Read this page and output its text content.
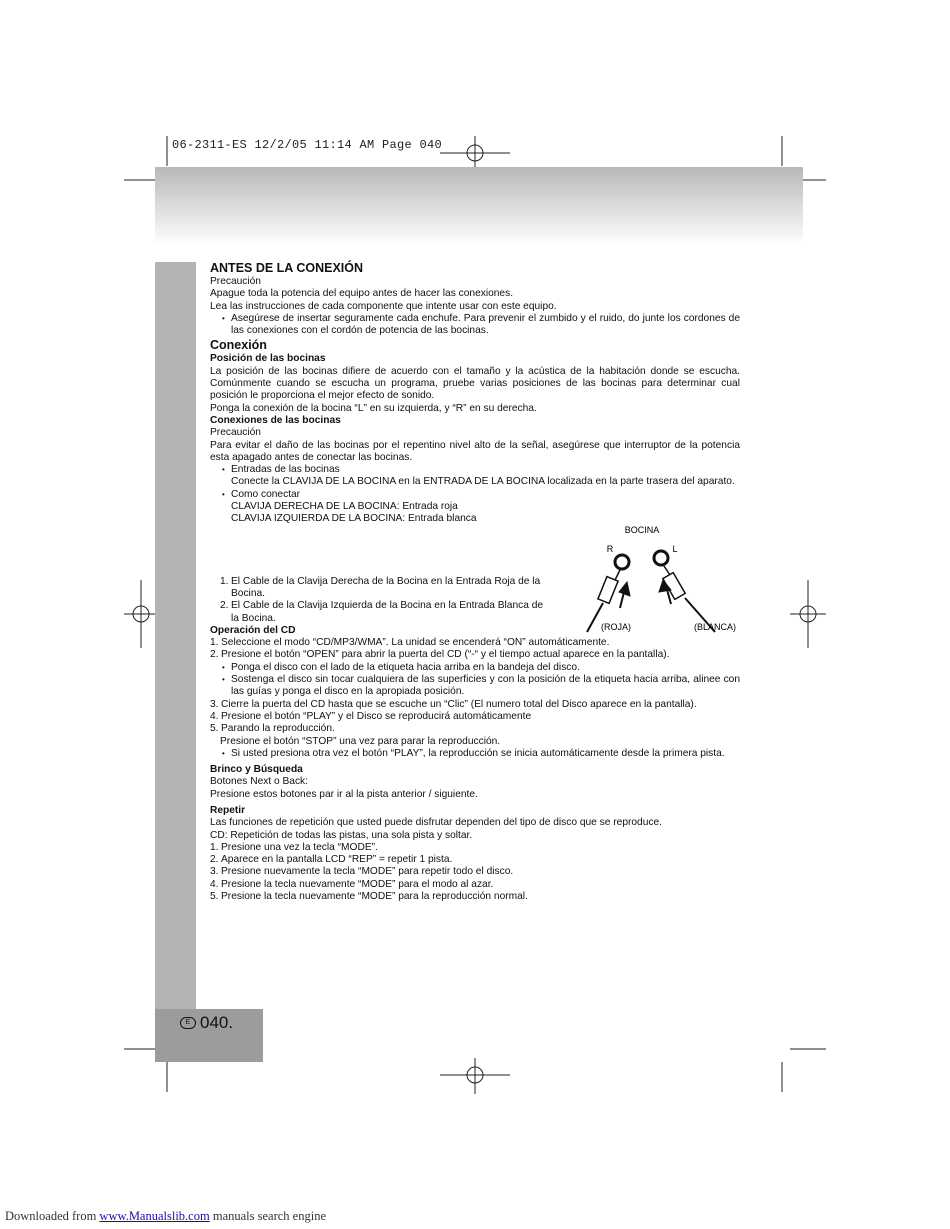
06-2311-ES 12/2/05 11:14 AM Page 040
E 040.

ANTES DE LA CONEXIÓN

Precaución

Apague toda la potencia del equipo antes de hacer las conexiones.

Lea las instrucciones de cada componente que intente usar con este equipo.

• Asegúrese de insertar seguramente cada enchufe. Para prevenir el zumbido y el ruido, do junte los cordones de las conexiones con el cordón de potencia de las bocinas.

Conexión

Posición de las bocinas

La posición de las bocinas difiere de acuerdo con el tamaño y la acústica de la habitación donde se escucha. Comúnmente cuando se escucha un programa, pruebe varias posiciones de las bocinas para determinar cual posición le proporciona el mejor efecto de sonido.

Ponga la conexión de la bocina “L” en su izquierda, y “R” en su derecha.

Conexiones de las bocinas

Precaución

Para evitar el daño de las bocinas por el repentino nivel alto de la señal, asegúrese que interruptor de la potencia esta apagado antes de conectar las bocinas.

• Entradas de las bocinas

Conecte la CLAVIJA DE LA BOCINA en la ENTRADA DE LA BOCINA localizada en la parte trasera del aparato.

• Como conectar

CLAVIJA DERECHA DE LA BOCINA: Entrada roja

CLAVIJA IZQUIERDA DE LA BOCINA: Entrada blanca

1. El Cable de la Clavija Derecha de la Bocina en la Entrada Roja de la Bocina.

2. El Cable de la Clavija Izquierda de la Bocina en la Entrada Blanca de la Bocina.

Operación del CD

1. Seleccione el modo “CD/MP3/WMA”. La unidad se encenderá “ON” automáticamente.

2. Presione el botón “OPEN” para abrir la puerta del CD (“-“ y el tiempo actual aparece en la pantalla).

• Ponga el disco con el lado de la etiqueta hacia arriba en la bandeja del disco.

• Sostenga el disco sin tocar cualquiera de las superficies y con la posición de la etiqueta hacia arriba, alinee con las guías y ponga el disco en la apropiada posición.

3. Cierre la puerta del CD hasta que se escuche un “Clic” (El numero total del Disco aparece en la pantalla).

4. Presione el botón “PLAY” y el Disco se reproducirá automáticamente

5. Parando la reproducción.

Presione el botón “STOP” una vez para parar la reproducción.

• Si usted presiona otra vez el botón “PLAY”, la reproducción se inicia automáticamente desde la primera pista.

Brinco y Búsqueda

Botones Next o Back:

Presione estos botones par ir al la pista anterior / siguiente.

Repetir

Las funciones de repetición que usted puede disfrutar dependen del tipo de disco que se reproduce.

CD: Repetición de todas las pistas, una sola pista y soltar.

1. Presione una vez la tecla “MODE”.

2. Aparece en la pantalla LCD “REP” = repetir 1 pista.

3. Presione nuevamente la tecla “MODE” para repetir todo el disco.

4. Presione la tecla nuevamente “MODE” para el modo al azar.

5. Presione la tecla nuevamente “MODE” para la reproducción normal.

BOCINA
R	L
(ROJA)	(BLANCA)
Downloaded from www.Manualslib.com manuals search engine
